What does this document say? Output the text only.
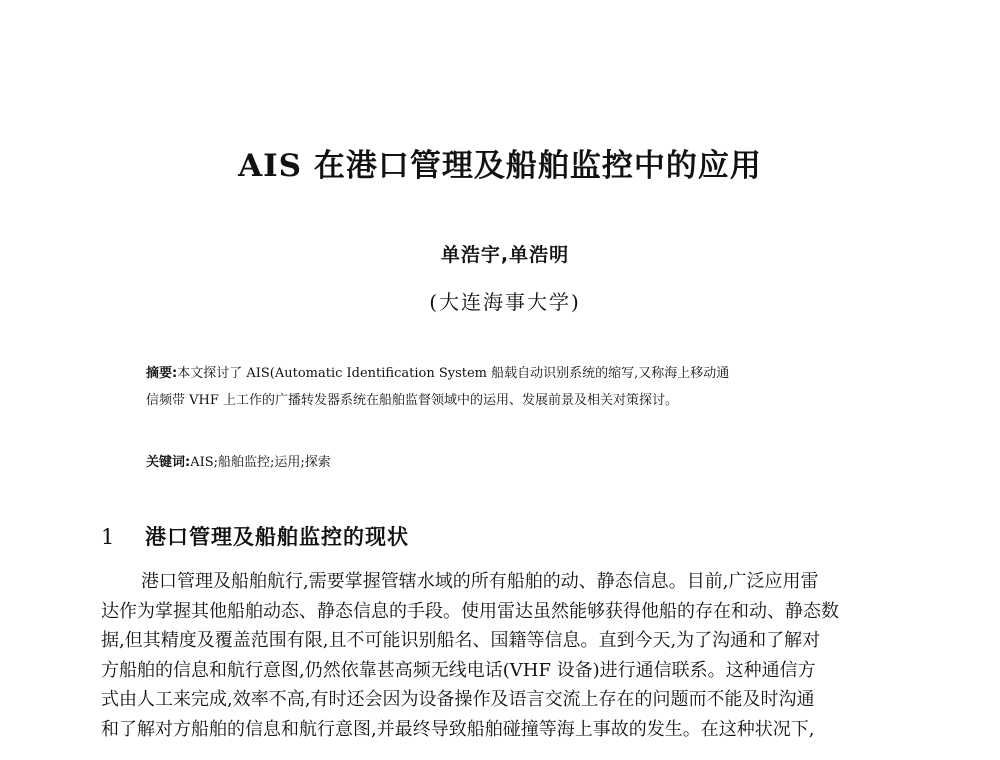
AIS 在港口管理及船舶监控中的应用
单浩宇,单浩明
(大连海事大学)
摘要:本文探讨了 AIS(Automatic Identification System 船载自动识别系统的缩写,又称海上移动通
信频带 VHF 上工作的广播转发器系统在船舶监督领域中的运用、发展前景及相关对策探讨。
关键词:AIS;船舶监控;运用;探索
1 港口管理及船舶监控的现状
港口管理及船舶航行,需要掌握管辖水域的所有船舶的动、静态信息。目前,广泛应用雷
达作为掌握其他船舶动态、静态信息的手段。使用雷达虽然能够获得他船的存在和动、静态数
据,但其精度及覆盖范围有限,且不可能识别船名、国籍等信息。直到今天,为了沟通和了解对
方船舶的信息和航行意图,仍然依靠甚高频无线电话(VHF 设备)进行通信联系。这种通信方
式由人工来完成,效率不高,有时还会因为设备操作及语言交流上存在的问题而不能及时沟通
和了解对方船舶的信息和航行意图,并最终导致船舶碰撞等海上事故的发生。在这种状况下,
